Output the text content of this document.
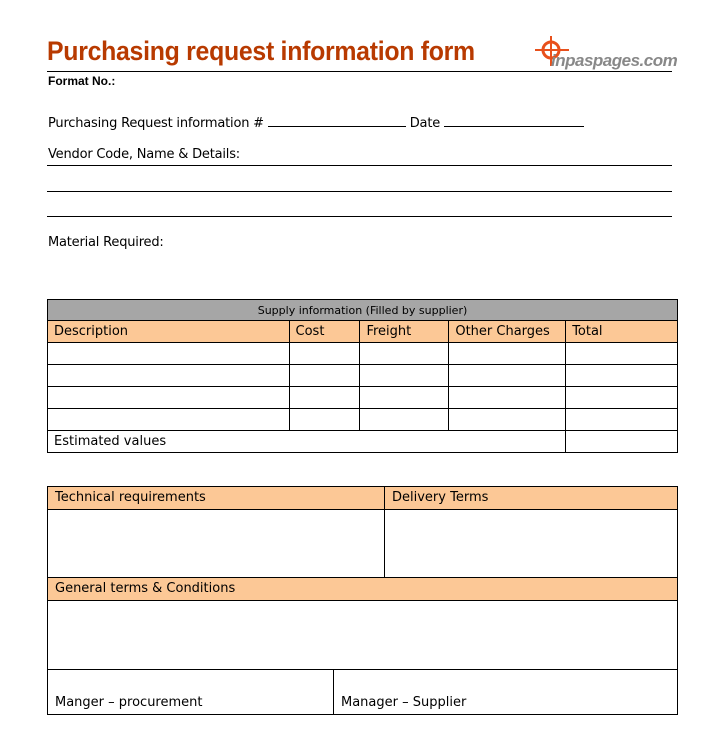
Purchasing request information form
Format No.:
inpaspages.com
Purchasing Request information #	Date
Vendor Code, Name & Details:
Material Required:
Supply information (Filled by supplier)				
Description	Cost	Freight	Other Charges	Total

Estimated values				
Technical requirements	Delivery Terms
General terms & Conditions
Manger – procurement	Manager – Supplier
